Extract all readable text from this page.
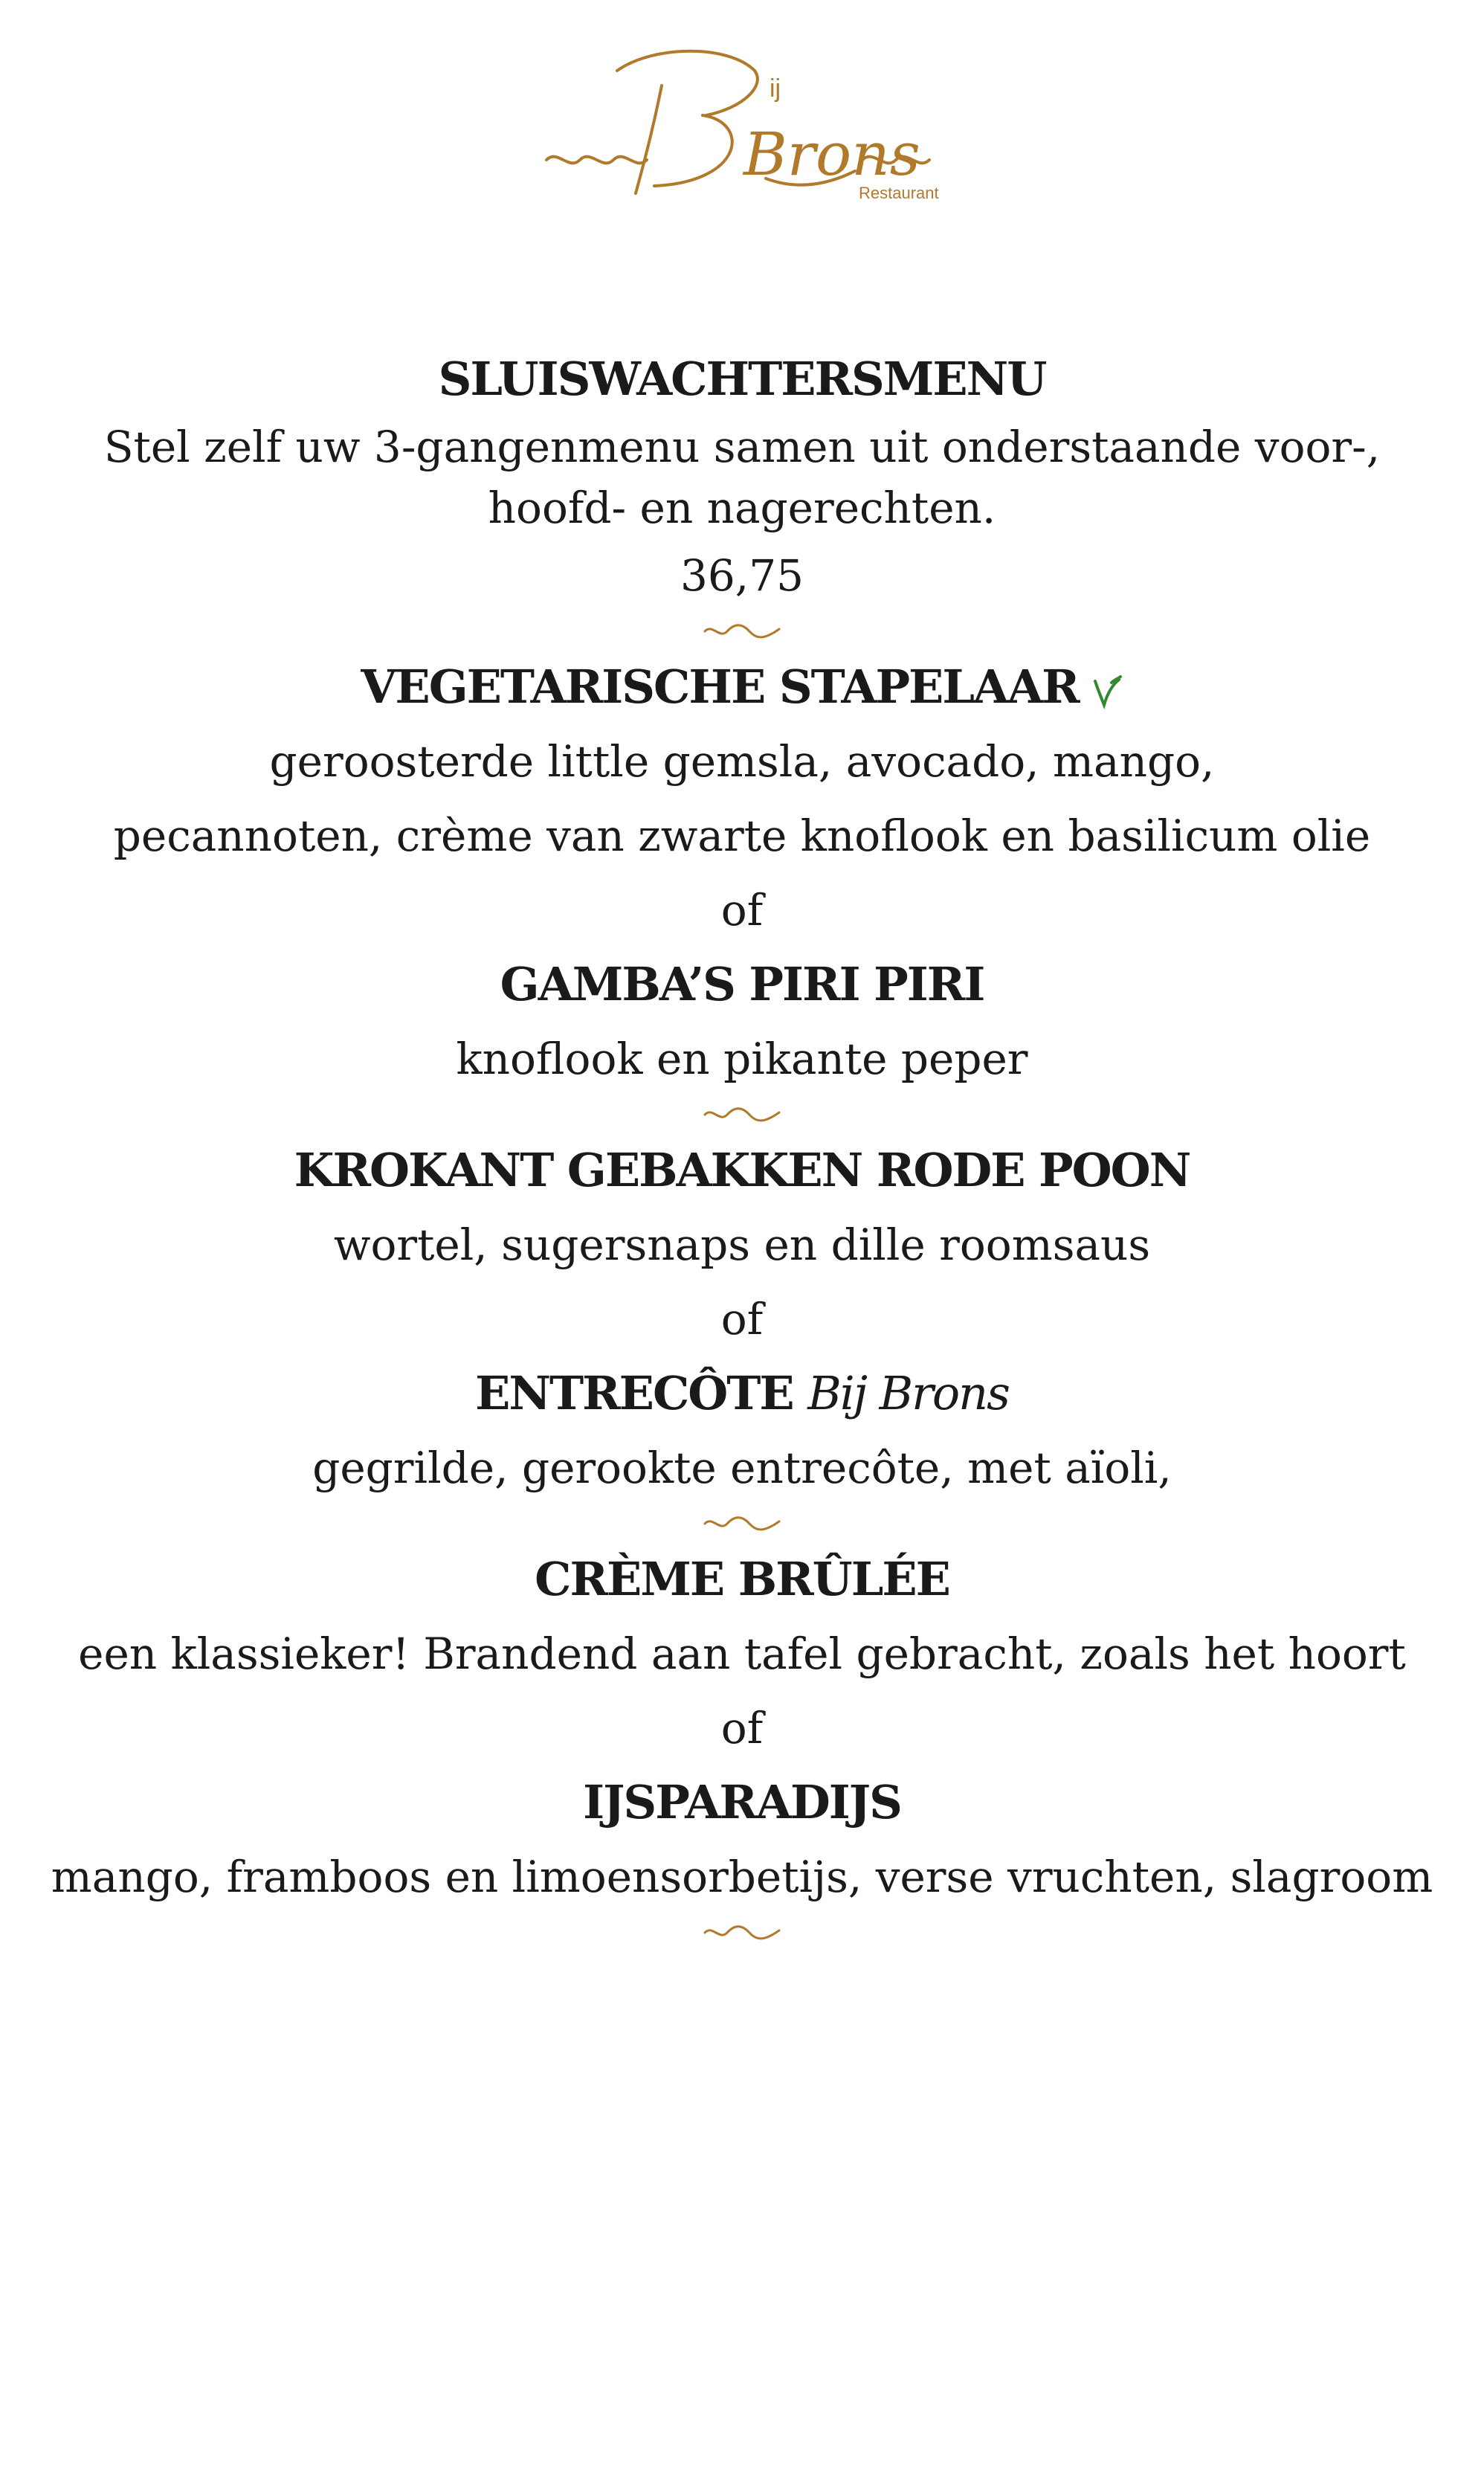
Brons
ij
Restaurant
SLUISWACHTERSMENU
Stel zelf uw 3-gangenmenu samen uit onderstaande voor-, hoofd- en nagerechten.
36,75
VEGETARISCHE STAPELAAR
geroosterde little gemsla, avocado, mango,
pecannoten, crème van zwarte knoflook en basilicum olie
of
GAMBA’S PIRI PIRI
knoflook en pikante peper
KROKANT GEBAKKEN RODE POON
wortel, sugersnaps en dille roomsaus
of
ENTRECÔTE Bij Brons
gegrilde, gerookte entrecôte, met aïoli,
CRÈME BRÛLÉE
een klassieker! Brandend aan tafel gebracht, zoals het hoort
of
IJSPARADIJS
mango, framboos en limoensorbetijs, verse vruchten, slagroom
